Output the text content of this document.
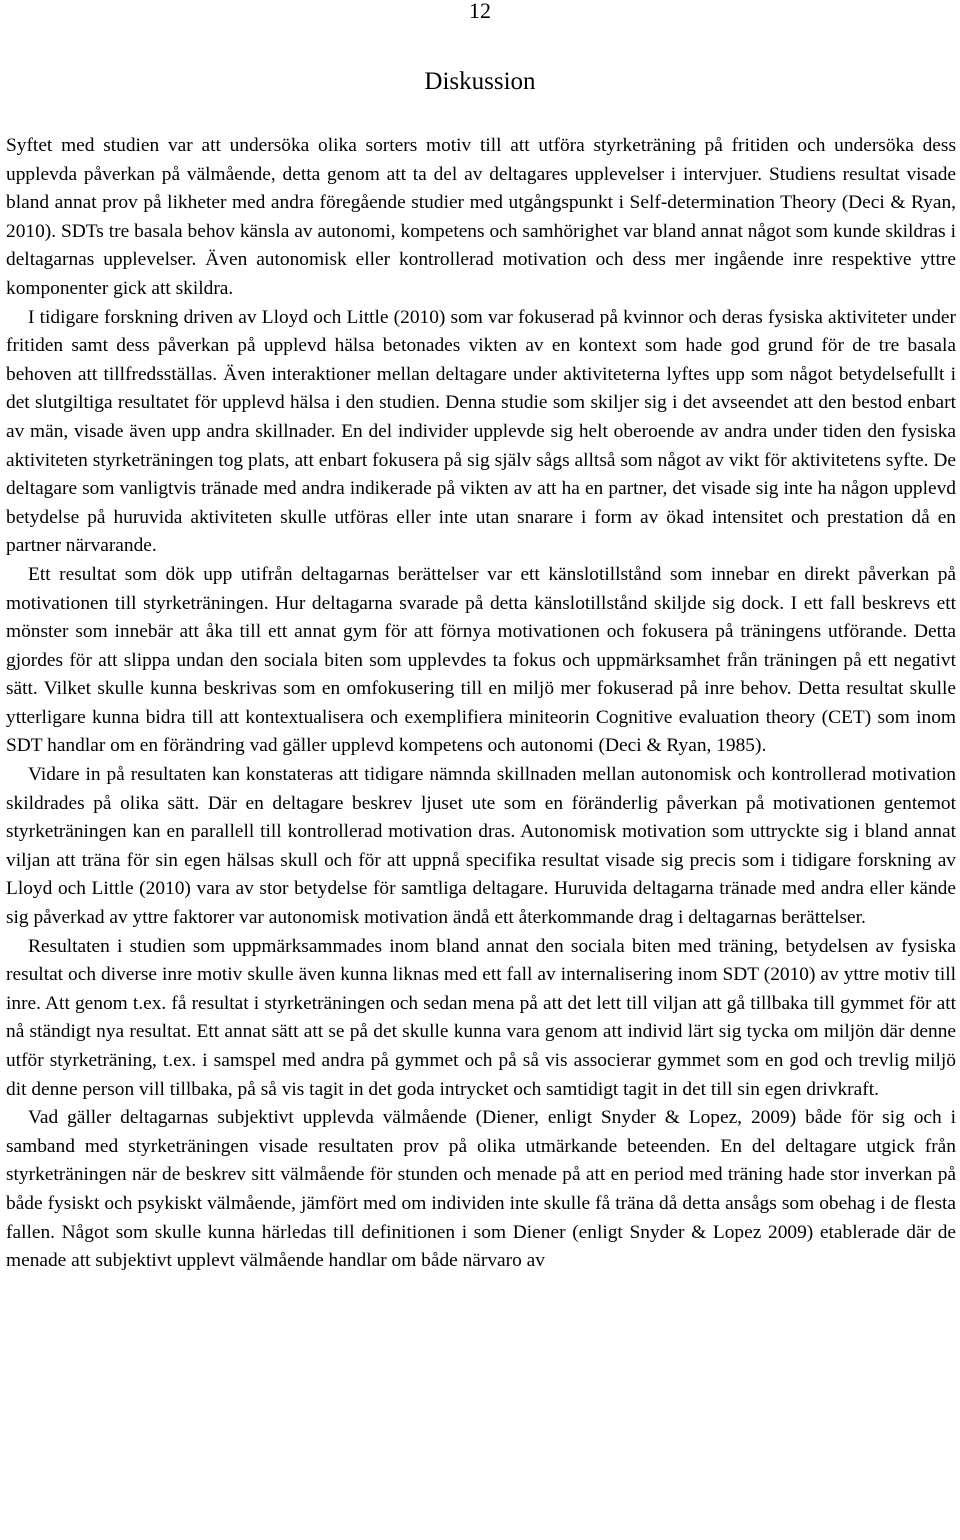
12
Diskussion

Syftet med studien var att undersöka olika sorters motiv till att utföra styrketräning på fritiden och undersöka dess upplevda påverkan på välmående, detta genom att ta del av deltagares upplevelser i intervjuer. Studiens resultat visade bland annat prov på likheter med andra föregående studier med utgångspunkt i Self-determination Theory (Deci & Ryan, 2010). SDTs tre basala behov känsla av autonomi, kompetens och samhörighet var bland annat något som kunde skildras i deltagarnas upplevelser. Även autonomisk eller kontrollerad motivation och dess mer ingående inre respektive yttre komponenter gick att skildra.

I tidigare forskning driven av Lloyd och Little (2010) som var fokuserad på kvinnor och deras fysiska aktiviteter under fritiden samt dess påverkan på upplevd hälsa betonades vikten av en kontext som hade god grund för de tre basala behoven att tillfredsställas. Även interaktioner mellan deltagare under aktiviteterna lyftes upp som något betydelsefullt i det slutgiltiga resultatet för upplevd hälsa i den studien. Denna studie som skiljer sig i det avseendet att den bestod enbart av män, visade även upp andra skillnader. En del individer upplevde sig helt oberoende av andra under tiden den fysiska aktiviteten styrketräningen tog plats, att enbart fokusera på sig själv sågs alltså som något av vikt för aktivitetens syfte. De deltagare som vanligtvis tränade med andra indikerade på vikten av att ha en partner, det visade sig inte ha någon upplevd betydelse på huruvida aktiviteten skulle utföras eller inte utan snarare i form av ökad intensitet och prestation då en partner närvarande.

Ett resultat som dök upp utifrån deltagarnas berättelser var ett känslotillstånd som innebar en direkt påverkan på motivationen till styrketräningen. Hur deltagarna svarade på detta känslotillstånd skiljde sig dock. I ett fall beskrevs ett mönster som innebär att åka till ett annat gym för att förnya motivationen och fokusera på träningens utförande. Detta gjordes för att slippa undan den sociala biten som upplevdes ta fokus och uppmärksamhet från träningen på ett negativt sätt. Vilket skulle kunna beskrivas som en omfokusering till en miljö mer fokuserad på inre behov. Detta resultat skulle ytterligare kunna bidra till att kontextualisera och exemplifiera miniteorin Cognitive evaluation theory (CET) som inom SDT handlar om en förändring vad gäller upplevd kompetens och autonomi (Deci & Ryan, 1985).

Vidare in på resultaten kan konstateras att tidigare nämnda skillnaden mellan autonomisk och kontrollerad motivation skildrades på olika sätt. Där en deltagare beskrev ljuset ute som en föränderlig påverkan på motivationen gentemot styrketräningen kan en parallell till kontrollerad motivation dras. Autonomisk motivation som uttryckte sig i bland annat viljan att träna för sin egen hälsas skull och för att uppnå specifika resultat visade sig precis som i tidigare forskning av Lloyd och Little (2010) vara av stor betydelse för samtliga deltagare. Huruvida deltagarna tränade med andra eller kände sig påverkad av yttre faktorer var autonomisk motivation ändå ett återkommande drag i deltagarnas berättelser.

Resultaten i studien som uppmärksammades inom bland annat den sociala biten med träning, betydelsen av fysiska resultat och diverse inre motiv skulle även kunna liknas med ett fall av internalisering inom SDT (2010) av yttre motiv till inre. Att genom t.ex. få resultat i styrketräningen och sedan mena på att det lett till viljan att gå tillbaka till gymmet för att nå ständigt nya resultat. Ett annat sätt att se på det skulle kunna vara genom att individ lärt sig tycka om miljön där denne utför styrketräning, t.ex. i samspel med andra på gymmet och på så vis associerar gymmet som en god och trevlig miljö dit denne person vill tillbaka, på så vis tagit in det goda intrycket och samtidigt tagit in det till sin egen drivkraft.

Vad gäller deltagarnas subjektivt upplevda välmående (Diener, enligt Snyder & Lopez, 2009) både för sig och i samband med styrketräningen visade resultaten prov på olika utmärkande beteenden. En del deltagare utgick från styrketräningen när de beskrev sitt välmående för stunden och menade på att en period med träning hade stor inverkan på både fysiskt och psykiskt välmående, jämfört med om individen inte skulle få träna då detta ansågs som obehag i de flesta fallen. Något som skulle kunna härledas till definitionen i som Diener (enligt Snyder & Lopez 2009) etablerade där de menade att subjektivt upplevt välmående handlar om både närvaro av
